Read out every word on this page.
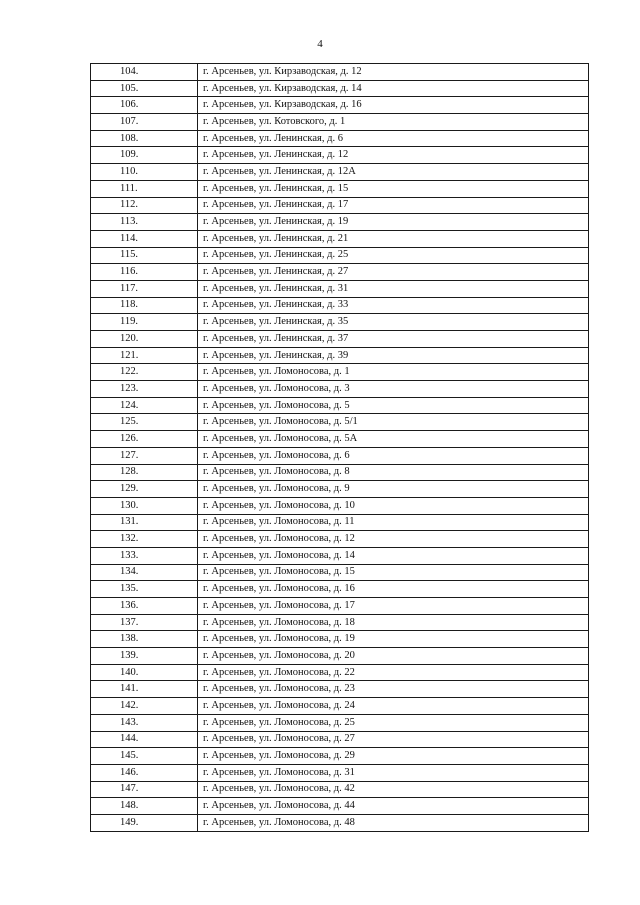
4
104.	г. Арсеньев, ул. Кирзаводская, д. 12
105.	г. Арсеньев, ул. Кирзаводская, д. 14
106.	г. Арсеньев, ул. Кирзаводская, д. 16
107.	г. Арсеньев, ул. Котовского, д. 1
108.	г. Арсеньев, ул. Ленинская, д. 6
109.	г. Арсеньев, ул. Ленинская, д. 12
110.	г. Арсеньев, ул. Ленинская, д. 12А
111.	г. Арсеньев, ул. Ленинская, д. 15
112.	г. Арсеньев, ул. Ленинская, д. 17
113.	г. Арсеньев, ул. Ленинская, д. 19
114.	г. Арсеньев, ул. Ленинская, д. 21
115.	г. Арсеньев, ул. Ленинская, д. 25
116.	г. Арсеньев, ул. Ленинская, д. 27
117.	г. Арсеньев, ул. Ленинская, д. 31
118.	г. Арсеньев, ул. Ленинская, д. 33
119.	г. Арсеньев, ул. Ленинская, д. 35
120.	г. Арсеньев, ул. Ленинская, д. 37
121.	г. Арсеньев, ул. Ленинская, д. 39
122.	г. Арсеньев, ул. Ломоносова, д. 1
123.	г. Арсеньев, ул. Ломоносова, д. 3
124.	г. Арсеньев, ул. Ломоносова, д. 5
125.	г. Арсеньев, ул. Ломоносова, д. 5/1
126.	г. Арсеньев, ул. Ломоносова, д. 5А
127.	г. Арсеньев, ул. Ломоносова, д. 6
128.	г. Арсеньев, ул. Ломоносова, д. 8
129.	г. Арсеньев, ул. Ломоносова, д. 9
130.	г. Арсеньев, ул. Ломоносова, д. 10
131.	г. Арсеньев, ул. Ломоносова, д. 11
132.	г. Арсеньев, ул. Ломоносова, д. 12
133.	г. Арсеньев, ул. Ломоносова, д. 14
134.	г. Арсеньев, ул. Ломоносова, д. 15
135.	г. Арсеньев, ул. Ломоносова, д. 16
136.	г. Арсеньев, ул. Ломоносова, д. 17
137.	г. Арсеньев, ул. Ломоносова, д. 18
138.	г. Арсеньев, ул. Ломоносова, д. 19
139.	г. Арсеньев, ул. Ломоносова, д. 20
140.	г. Арсеньев, ул. Ломоносова, д. 22
141.	г. Арсеньев, ул. Ломоносова, д. 23
142.	г. Арсеньев, ул. Ломоносова, д. 24
143.	г. Арсеньев, ул. Ломоносова, д. 25
144.	г. Арсеньев, ул. Ломоносова, д. 27
145.	г. Арсеньев, ул. Ломоносова, д. 29
146.	г. Арсеньев, ул. Ломоносова, д. 31
147.	г. Арсеньев, ул. Ломоносова, д. 42
148.	г. Арсеньев, ул. Ломоносова, д. 44
149.	г. Арсеньев, ул. Ломоносова, д. 48
